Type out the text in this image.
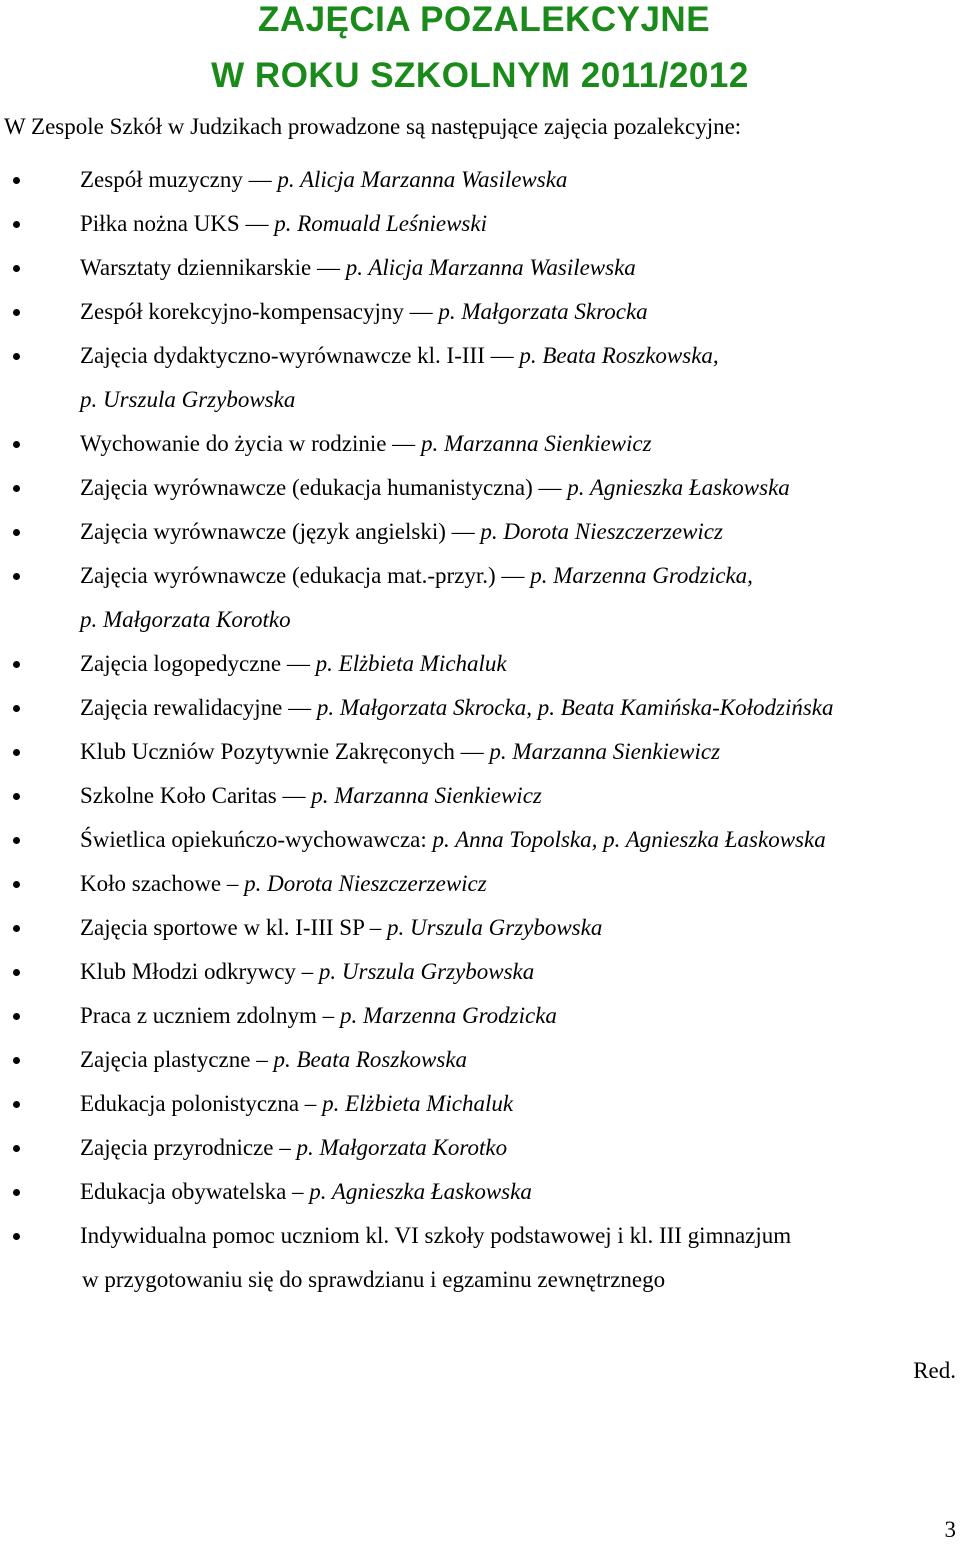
ZAJĘCIA POZALEKCYJNE
W ROKU SZKOLNYM 2011/2012

W Zespole Szkół w Judzikach prowadzone są następujące zajęcia pozalekcyjne:

Zespół muzyczny — p. Alicja Marzanna Wasilewska
Piłka nożna UKS — p. Romuald Leśniewski
Warsztaty dziennikarskie — p. Alicja Marzanna Wasilewska
Zespół korekcyjno-kompensacyjny — p. Małgorzata Skrocka
Zajęcia dydaktyczno-wyrównawcze kl. I-III — p. Beata Roszkowska,
p. Urszula Grzybowska
Wychowanie do życia w rodzinie — p. Marzanna Sienkiewicz
Zajęcia wyrównawcze (edukacja humanistyczna) — p. Agnieszka Łaskowska
Zajęcia wyrównawcze (język angielski) — p. Dorota Nieszczerzewicz
Zajęcia wyrównawcze (edukacja mat.-przyr.) — p. Marzenna Grodzicka,
p. Małgorzata Korotko
Zajęcia logopedyczne — p. Elżbieta Michaluk
Zajęcia rewalidacyjne — p. Małgorzata Skrocka, p. Beata Kamińska-Kołodzińska
Klub Uczniów Pozytywnie Zakręconych — p. Marzanna Sienkiewicz
Szkolne Koło Caritas — p. Marzanna Sienkiewicz
Świetlica opiekuńczo-wychowawcza: p. Anna Topolska, p. Agnieszka Łaskowska
Koło szachowe – p. Dorota Nieszczerzewicz
Zajęcia sportowe w kl. I-III SP – p. Urszula Grzybowska
Klub Młodzi odkrywcy – p. Urszula Grzybowska
Praca z uczniem zdolnym – p. Marzenna Grodzicka
Zajęcia plastyczne – p. Beata Roszkowska
Edukacja polonistyczna – p. Elżbieta Michaluk
Zajęcia przyrodnicze – p. Małgorzata Korotko
Edukacja obywatelska – p. Agnieszka Łaskowska
Indywidualna pomoc uczniom kl. VI szkoły podstawowej i kl. III gimnazjum
w przygotowaniu się do sprawdzianu i egzaminu zewnętrznego
Red.
3
